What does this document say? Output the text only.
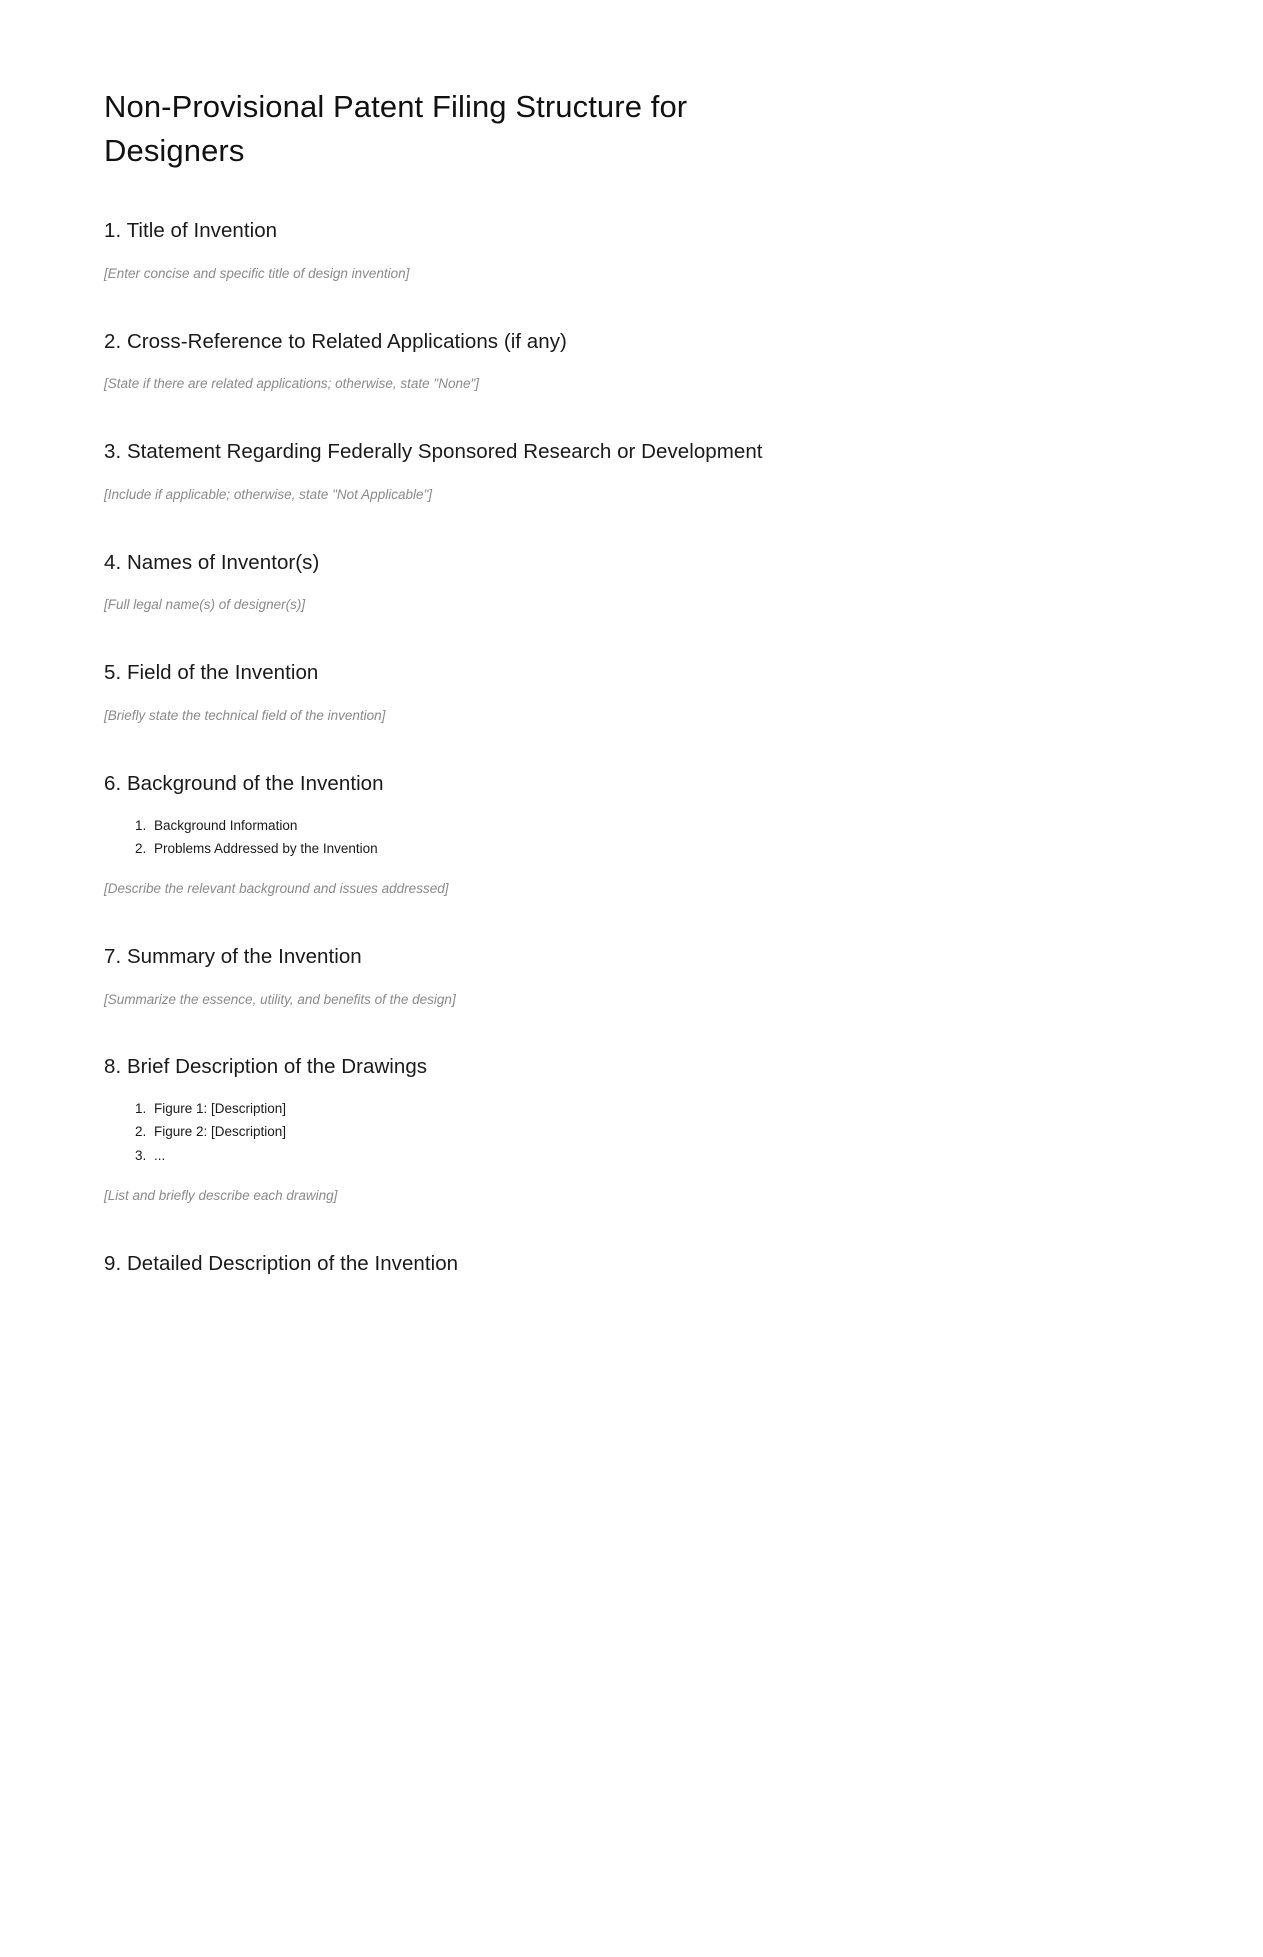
Non-Provisional Patent Filing Structure for Designers
1. Title of Invention

[Enter concise and specific title of design invention]

2. Cross-Reference to Related Applications (if any)

[State if there are related applications; otherwise, state "None"]

3. Statement Regarding Federally Sponsored Research or Development

[Include if applicable; otherwise, state "Not Applicable"]

4. Names of Inventor(s)

[Full legal name(s) of designer(s)]

5. Field of the Invention

[Briefly state the technical field of the invention]

6. Background of the Invention
1. Background Information
2. Problems Addressed by the Invention

[Describe the relevant background and issues addressed]

7. Summary of the Invention

[Summarize the essence, utility, and benefits of the design]

8. Brief Description of the Drawings
1. Figure 1: [Description]
2. Figure 2: [Description]
3. ...

[List and briefly describe each drawing]

9. Detailed Description of the Invention
